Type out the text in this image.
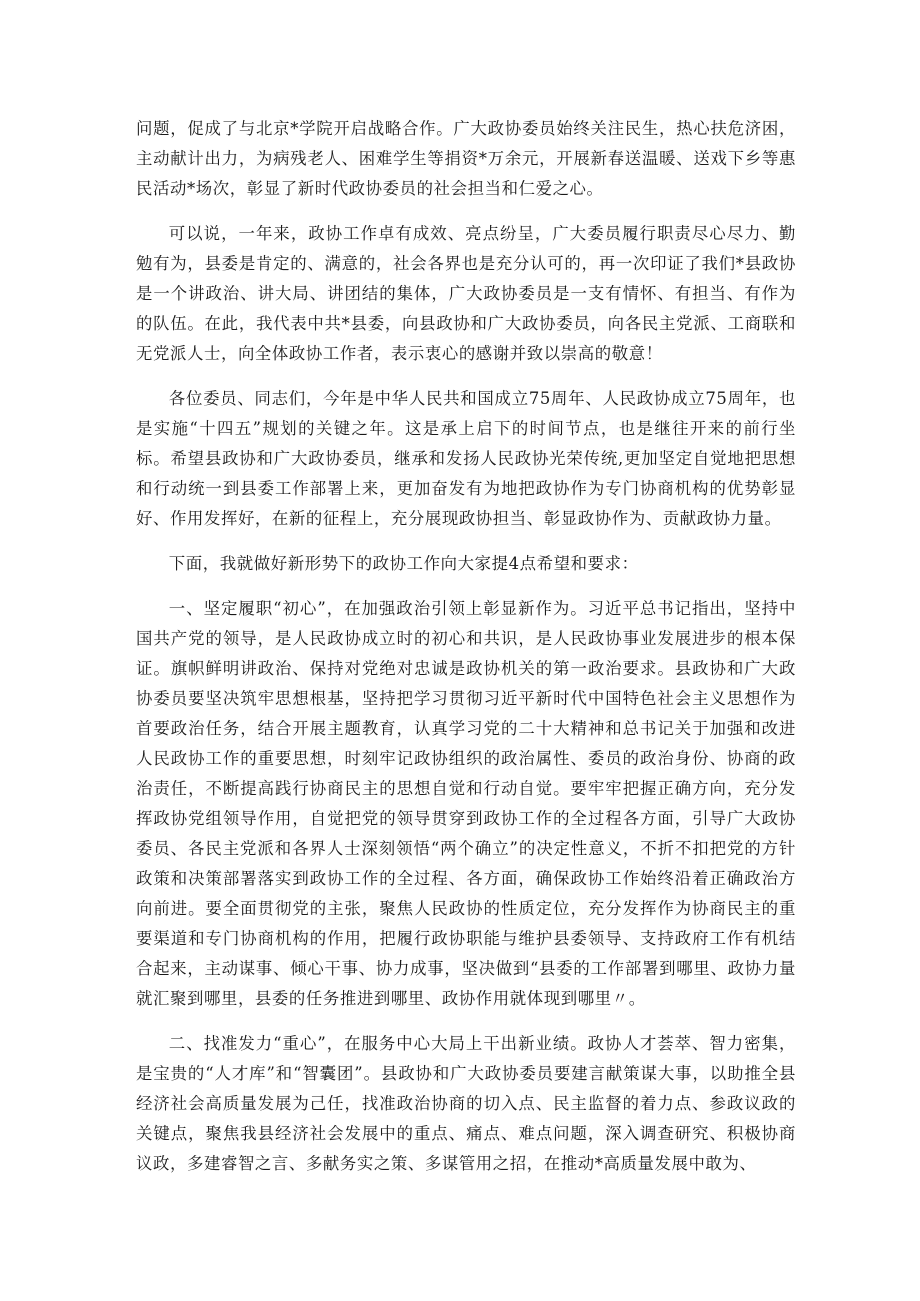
问题，促成了与北京*学院开启战略合作。广大政协委员始终关注民生，热心扶危济困，主动献计出力，为病残老人、困难学生等捐资*万余元，开展新春送温暖、送戏下乡等惠民活动*场次，彰显了新时代政协委员的社会担当和仁爱之心。

可以说，一年来，政协工作卓有成效、亮点纷呈，广大委员履行职责尽心尽力、勤勉有为，县委是肯定的、满意的，社会各界也是充分认可的，再一次印证了我们*县政协是一个讲政治、讲大局、讲团结的集体，广大政协委员是一支有情怀、有担当、有作为的队伍。在此，我代表中共*县委，向县政协和广大政协委员，向各民主党派、工商联和无党派人士，向全体政协工作者，表示衷心的感谢并致以崇高的敬意！

各位委员、同志们，今年是中华人民共和国成立75周年、人民政协成立75周年，也是实施“十四五”规划的关键之年。这是承上启下的时间节点，也是继往开来的前行坐标。希望县政协和广大政协委员，继承和发扬人民政协光荣传统,更加坚定自觉地把思想和行动统一到县委工作部署上来，更加奋发有为地把政协作为专门协商机构的优势彰显好、作用发挥好，在新的征程上，充分展现政协担当、彰显政协作为、贡献政协力量。

下面，我就做好新形势下的政协工作向大家提4点希望和要求：

一、坚定履职“初心”，在加强政治引领上彰显新作为。习近平总书记指出，坚持中国共产党的领导，是人民政协成立时的初心和共识，是人民政协事业发展进步的根本保证。旗帜鲜明讲政治、保持对党绝对忠诚是政协机关的第一政治要求。县政协和广大政协委员要坚决筑牢思想根基，坚持把学习贯彻习近平新时代中国特色社会主义思想作为首要政治任务，结合开展主题教育，认真学习党的二十大精神和总书记关于加强和改进人民政协工作的重要思想，时刻牢记政协组织的政治属性、委员的政治身份、协商的政治责任，不断提高践行协商民主的思想自觉和行动自觉。要牢牢把握正确方向，充分发挥政协党组领导作用，自觉把党的领导贯穿到政协工作的全过程各方面，引导广大政协委员、各民主党派和各界人士深刻领悟“两个确立”的决定性意义，不折不扣把党的方针政策和决策部署落实到政协工作的全过程、各方面，确保政协工作始终沿着正确政治方向前进。要全面贯彻党的主张，聚焦人民政协的性质定位，充分发挥作为协商民主的重要渠道和专门协商机构的作用，把履行政协职能与维护县委领导、支持政府工作有机结合起来，主动谋事、倾心干事、协力成事，坚决做到“县委的工作部署到哪里、政协力量就汇聚到哪里，县委的任务推进到哪里、政协作用就体现到哪里〃。

二、找准发力“重心”，在服务中心大局上干出新业绩。政协人才荟萃、智力密集，是宝贵的“人才库”和“智囊团”。县政协和广大政协委员要建言献策谋大事，以助推全县经济社会高质量发展为己任，找准政治协商的切入点、民主监督的着力点、参政议政的关键点，聚焦我县经济社会发展中的重点、痛点、难点问题，深入调查研究、积极协商议政，多建睿智之言、多献务实之策、多谋管用之招，在推动*高质量发展中敢为、
